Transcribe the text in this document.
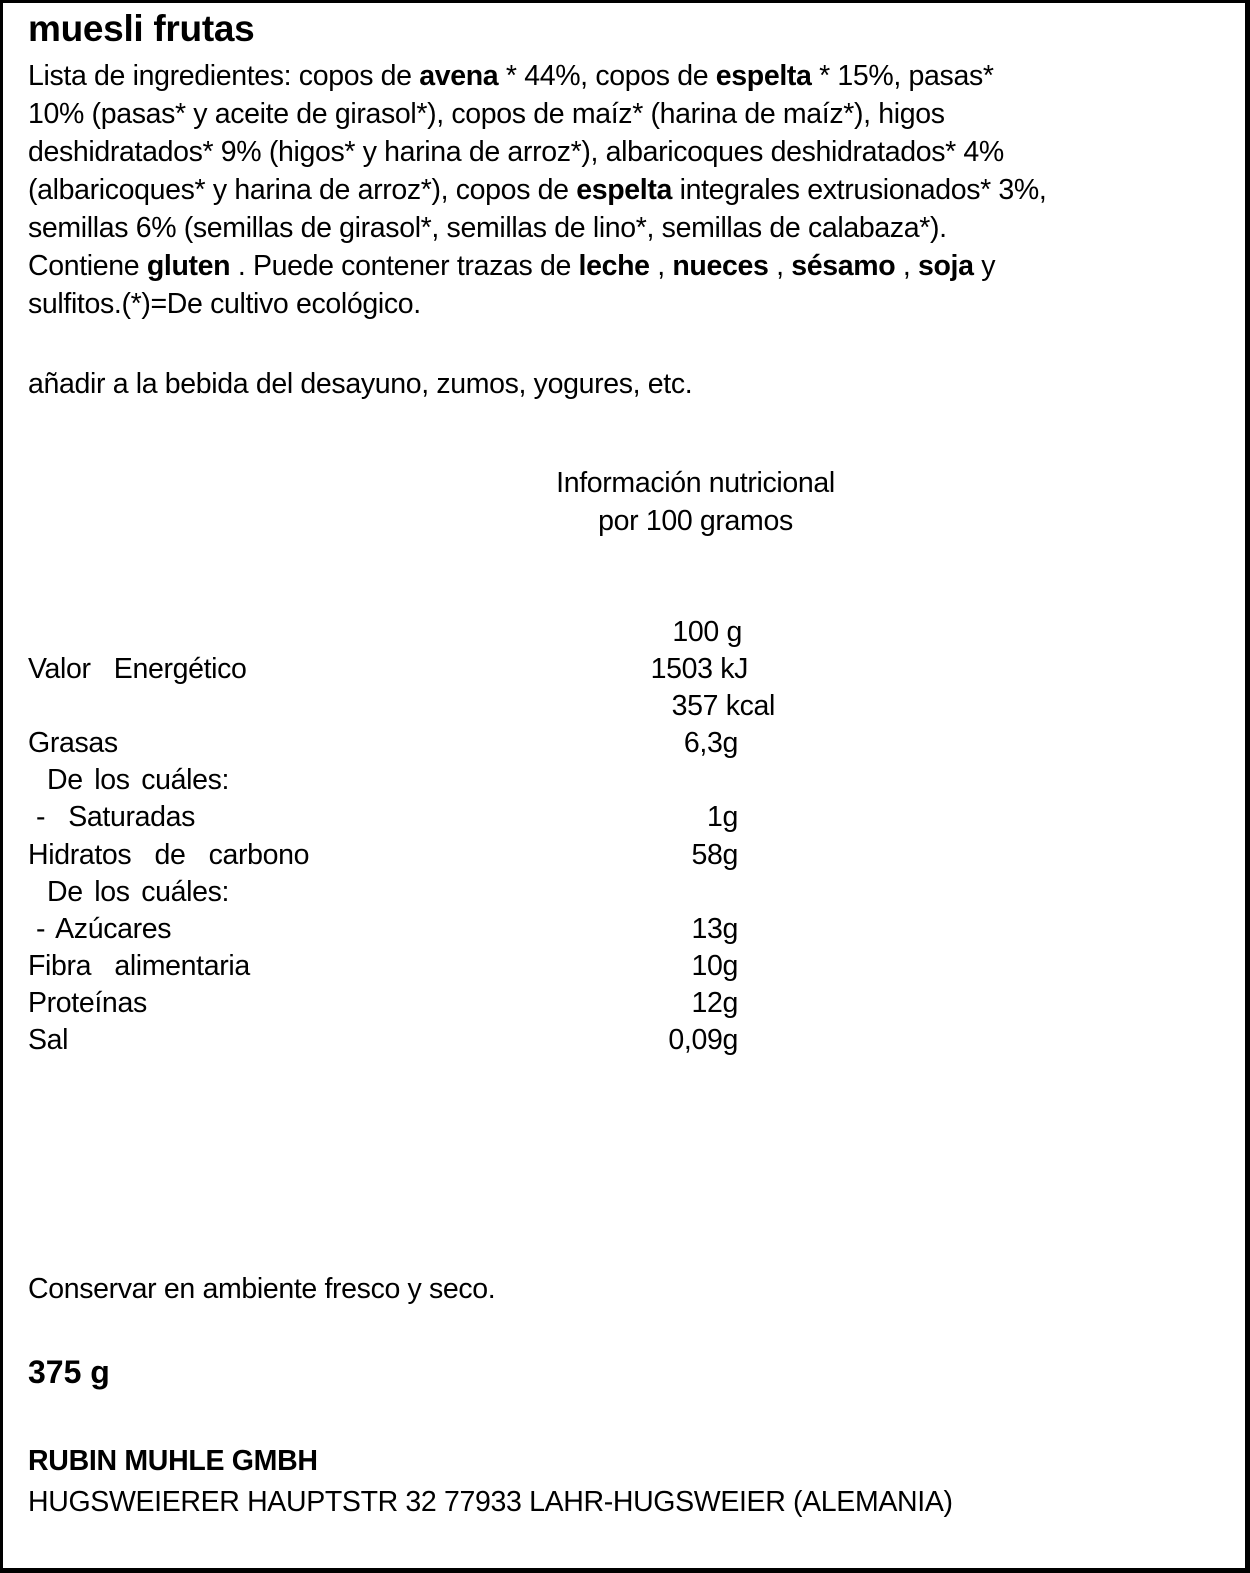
muesli frutas
Lista de ingredientes: copos de avena * 44%, copos de espelta * 15%, pasas*
10% (pasas* y aceite de girasol*), copos de maíz* (harina de maíz*), higos
deshidratados* 9% (higos* y harina de arroz*), albaricoques deshidratados* 4%
(albaricoques* y harina de arroz*), copos de espelta integrales extrusionados* 3%,
semillas 6% (semillas de girasol*, semillas de lino*, semillas de calabaza*).
Contiene gluten . Puede contener trazas de leche , nueces , sésamo , soja y
sulfitos.(*)=De cultivo ecológico.
añadir a la bebida del desayuno, zumos, yogures, etc.
Información nutricional
por 100 gramos
100 g
Valor  Energético	1503 kJ
357 kcal
Grasas	6,3g
De los cuáles:
-  Saturadas	1g
Hidratos  de  carbono	58g
De los cuáles:
- Azúcares	13g
Fibra  alimentaria	10g
Proteínas	12g
Sal	0,09g
Conservar en ambiente fresco y seco.
375 g
RUBIN MUHLE GMBH
HUGSWEIERER HAUPTSTR 32 77933 LAHR-HUGSWEIER (ALEMANIA)
